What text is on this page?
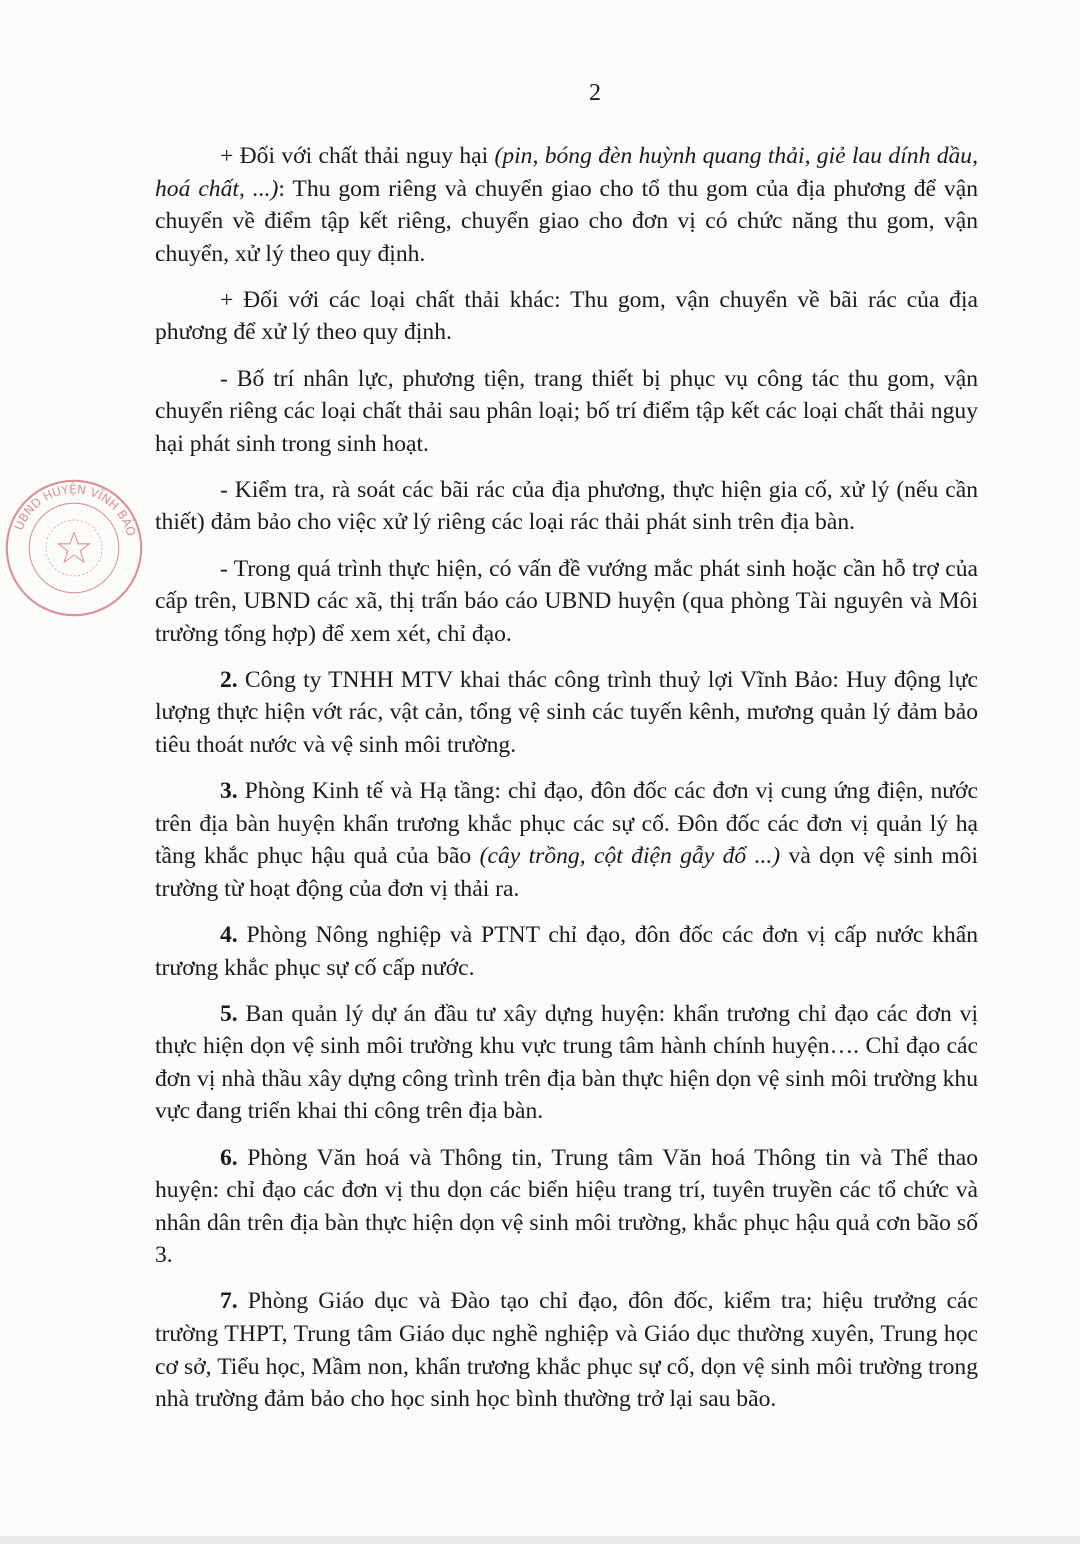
2
UBND HUYỆN VĨNH BẢO

+ Đối với chất thải nguy hại (pin, bóng đèn huỳnh quang thải, giẻ lau dính dầu, hoá chất, ...): Thu gom riêng và chuyển giao cho tổ thu gom của địa phương để vận chuyển về điểm tập kết riêng, chuyển giao cho đơn vị có chức năng thu gom, vận chuyển, xử lý theo quy định.

+ Đối với các loại chất thải khác: Thu gom, vận chuyển về bãi rác của địa phương để xử lý theo quy định.

- Bố trí nhân lực, phương tiện, trang thiết bị phục vụ công tác thu gom, vận chuyển riêng các loại chất thải sau phân loại; bố trí điểm tập kết các loại chất thải nguy hại phát sinh trong sinh hoạt.

- Kiểm tra, rà soát các bãi rác của địa phương, thực hiện gia cố, xử lý (nếu cần thiết) đảm bảo cho việc xử lý riêng các loại rác thải phát sinh trên địa bàn.

- Trong quá trình thực hiện, có vấn đề vướng mắc phát sinh hoặc cần hỗ trợ của cấp trên, UBND các xã, thị trấn báo cáo UBND huyện (qua phòng Tài nguyên và Môi trường tổng hợp) để xem xét, chỉ đạo.

2. Công ty TNHH MTV khai thác công trình thuỷ lợi Vĩnh Bảo: Huy động lực lượng thực hiện vớt rác, vật cản, tổng vệ sinh các tuyến kênh, mương quản lý đảm bảo tiêu thoát nước và vệ sinh môi trường.

3. Phòng Kinh tế và Hạ tầng: chỉ đạo, đôn đốc các đơn vị cung ứng điện, nước trên địa bàn huyện khẩn trương khắc phục các sự cố. Đôn đốc các đơn vị quản lý hạ tầng khắc phục hậu quả của bão (cây trồng, cột điện gẫy đổ ...) và dọn vệ sinh môi trường từ hoạt động của đơn vị thải ra.

4. Phòng Nông nghiệp và PTNT chỉ đạo, đôn đốc các đơn vị cấp nước khẩn trương khắc phục sự cố cấp nước.

5. Ban quản lý dự án đầu tư xây dựng huyện: khẩn trương chỉ đạo các đơn vị thực hiện dọn vệ sinh môi trường khu vực trung tâm hành chính huyện…. Chỉ đạo các đơn vị nhà thầu xây dựng công trình trên địa bàn thực hiện dọn vệ sinh môi trường khu vực đang triển khai thi công trên địa bàn.

6. Phòng Văn hoá và Thông tin, Trung tâm Văn hoá Thông tin và Thể thao huyện: chỉ đạo các đơn vị thu dọn các biển hiệu trang trí, tuyên truyền các tổ chức và nhân dân trên địa bàn thực hiện dọn vệ sinh môi trường, khắc phục hậu quả cơn bão số 3.

7. Phòng Giáo dục và Đào tạo chỉ đạo, đôn đốc, kiểm tra; hiệu trưởng các trường THPT, Trung tâm Giáo dục nghề nghiệp và Giáo dục thường xuyên, Trung học cơ sở, Tiểu học, Mầm non, khẩn trương khắc phục sự cố, dọn vệ sinh môi trường trong nhà trường đảm bảo cho học sinh học bình thường trở lại sau bão.
